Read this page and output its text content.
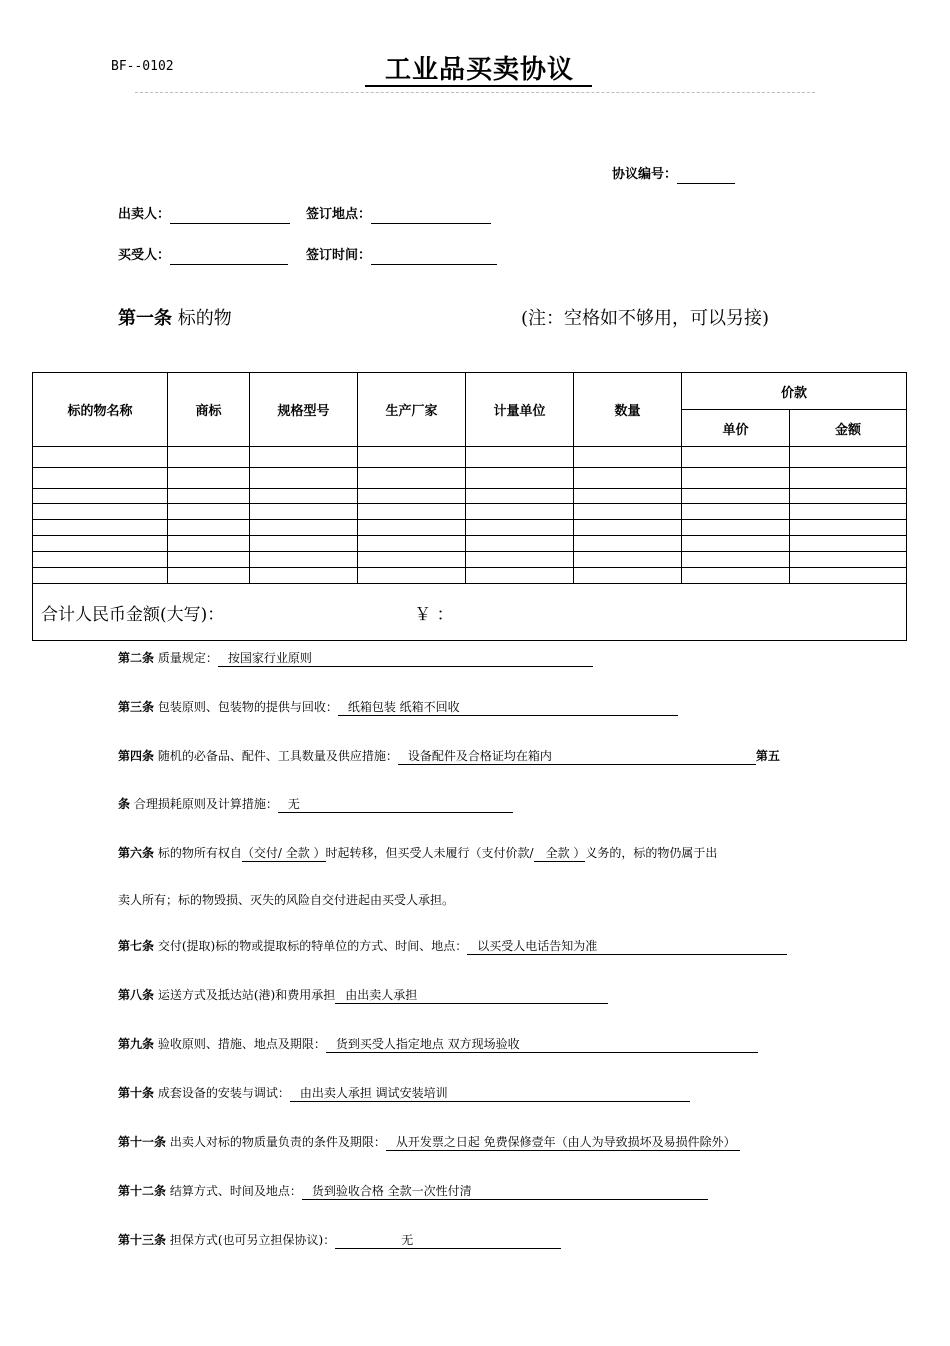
BF--0102	工业品买卖协议
协议编号：
出卖人：	签订地点：
买受人：	签订时间：
第一条 标的物	(注：空格如不够用，可以另接)
标的物名称	商标	规格型号	生产厂家	计量单位	数量	价款	
						单价	金额

合计人民币金额(大写)： ￥ ：							
第二条 质量规定： 按国家行业原则
第三条 包装原则、包装物的提供与回收： 纸箱包装 纸箱不回收
第四条 随机的必备品、配件、工具数量及供应措施： 设备配件及合格证均在箱内	第五
条 合理损耗原则及计算措施： 无
第六条 标的物所有权自（交付/ 全款 ）时起转移，但买受人未履行（支付价款/ 全款 ）义务的，标的物仍属于出
卖人所有；标的物毁损、灭失的风险自交付进起由买受人承担。
第七条 交付(提取)标的物或提取标的特单位的方式、时间、地点： 以买受人电话告知为准
第八条 运送方式及抵达站(港)和费用承担 由出卖人承担
第九条 验收原则、措施、地点及期限： 货到买受人指定地点 双方现场验收
第十条 成套设备的安装与调试： 由出卖人承担 调试安装培训
第十一条 出卖人对标的物质量负责的条件及期限： 从开发票之日起 免费保修壹年（由人为导致损坏及易损件除外）
第十二条 结算方式、时间及地点： 货到验收合格 全款一次性付清
第十三条 担保方式(也可另立担保协议)：	无
